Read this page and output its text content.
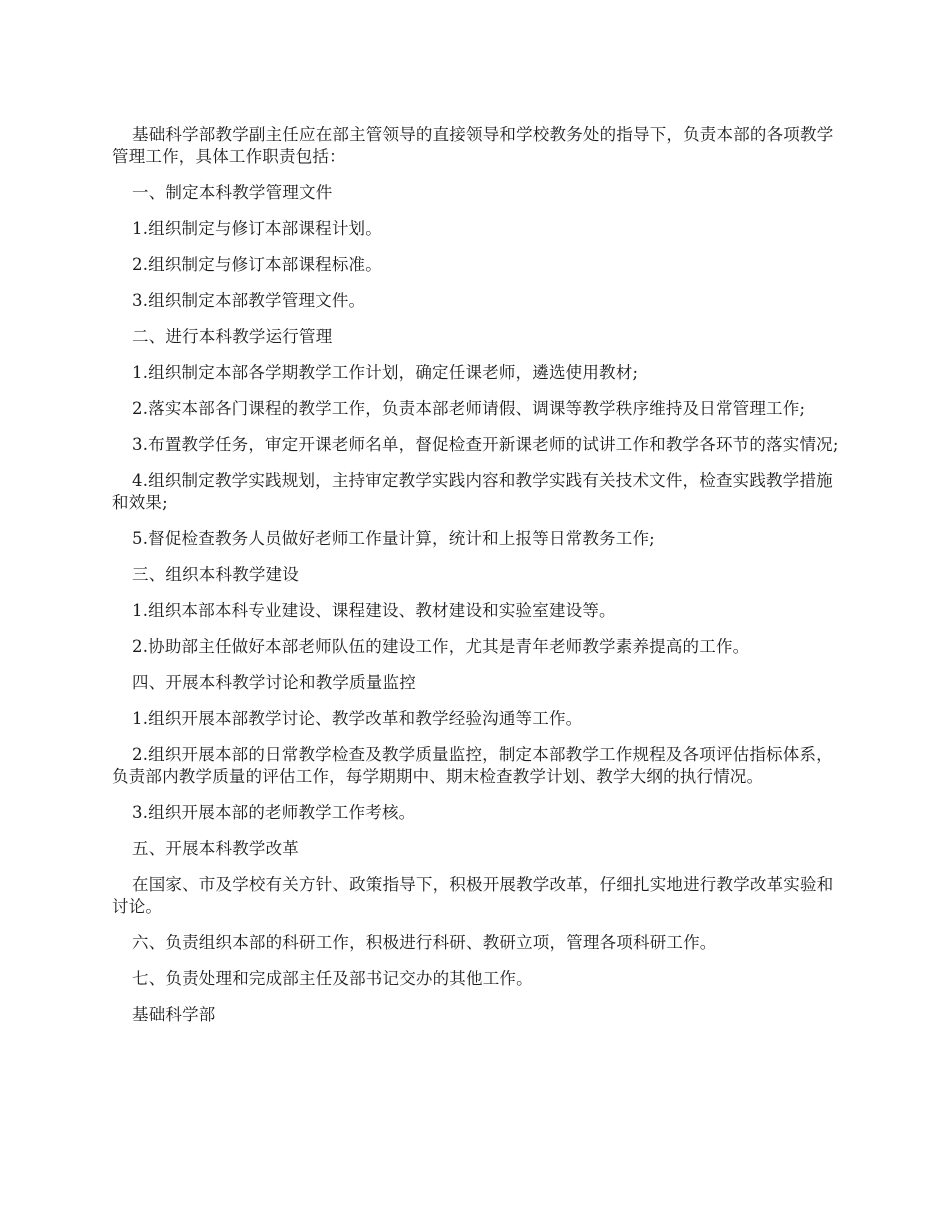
基础科学部教学副主任应在部主管领导的直接领导和学校教务处的指导下，负责本部的各项教学管理工作，具体工作职责包括：

一、制定本科教学管理文件

1.组织制定与修订本部课程计划。

2.组织制定与修订本部课程标准。

3.组织制定本部教学管理文件。

二、进行本科教学运行管理

1.组织制定本部各学期教学工作计划，确定任课老师，遴选使用教材;

2.落实本部各门课程的教学工作，负责本部老师请假、调课等教学秩序维持及日常管理工作;

3.布置教学任务，审定开课老师名单，督促检查开新课老师的试讲工作和教学各环节的落实情况;

4.组织制定教学实践规划，主持审定教学实践内容和教学实践有关技术文件，检查实践教学措施和效果;

5.督促检查教务人员做好老师工作量计算，统计和上报等日常教务工作;

三、组织本科教学建设

1.组织本部本科专业建设、课程建设、教材建设和实验室建设等。

2.协助部主任做好本部老师队伍的建设工作，尤其是青年老师教学素养提高的工作。

四、开展本科教学讨论和教学质量监控

1.组织开展本部教学讨论、教学改革和教学经验沟通等工作。

2.组织开展本部的日常教学检查及教学质量监控，制定本部教学工作规程及各项评估指标体系，负责部内教学质量的评估工作，每学期期中、期末检查教学计划、教学大纲的执行情况。

3.组织开展本部的老师教学工作考核。

五、开展本科教学改革

在国家、市及学校有关方针、政策指导下，积极开展教学改革，仔细扎实地进行教学改革实验和讨论。

六、负责组织本部的科研工作，积极进行科研、教研立项，管理各项科研工作。

七、负责处理和完成部主任及部书记交办的其他工作。

基础科学部
